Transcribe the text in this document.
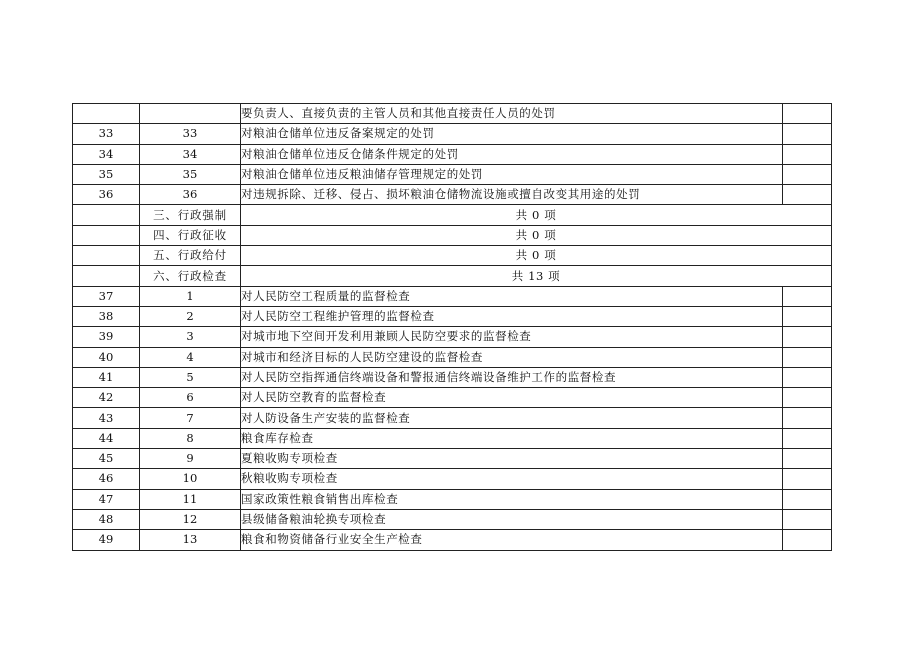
		要负责人、直接负责的主管人员和其他直接责任人员的处罚	
33	33	对粮油仓储单位违反备案规定的处罚	
34	34	对粮油仓储单位违反仓储条件规定的处罚	
35	35	对粮油仓储单位违反粮油储存管理规定的处罚	
36	36	对违规拆除、迁移、侵占、损坏粮油仓储物流设施或擅自改变其用途的处罚	
	三、行政强制	共 0 项	
	四、行政征收	共 0 项	
	五、行政给付	共 0 项	
	六、行政检查	共 13 项	
37	1	对人民防空工程质量的监督检查	
38	2	对人民防空工程维护管理的监督检查	
39	3	对城市地下空间开发利用兼顾人民防空要求的监督检查	
40	4	对城市和经济目标的人民防空建设的监督检查	
41	5	对人民防空指挥通信终端设备和警报通信终端设备维护工作的监督检查	
42	6	对人民防空教育的监督检查	
43	7	对人防设备生产安装的监督检查	
44	8	粮食库存检查	
45	9	夏粮收购专项检查	
46	10	秋粮收购专项检查	
47	11	国家政策性粮食销售出库检查	
48	12	县级储备粮油轮换专项检查	
49	13	粮食和物资储备行业安全生产检查	
